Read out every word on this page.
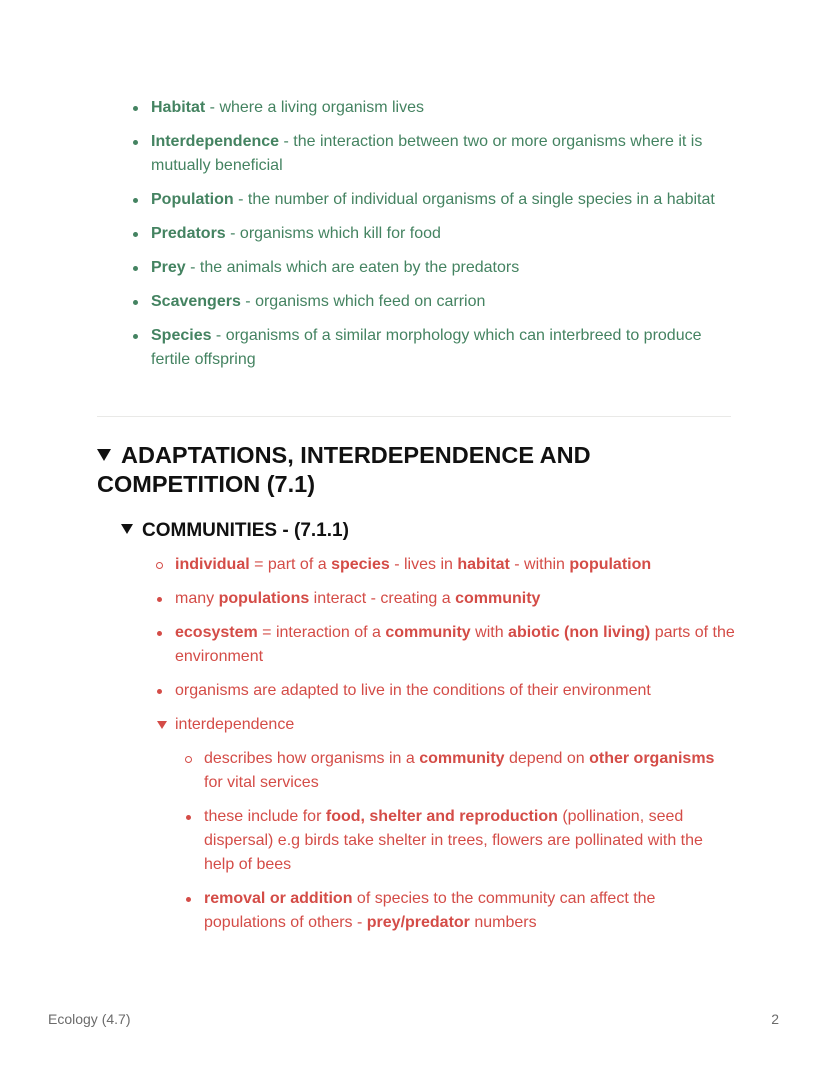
Habitat - where a living organism lives
Interdependence - the interaction between two or more organisms where it is mutually beneficial
Population - the number of individual organisms of a single species in a habitat
Predators - organisms which kill for food
Prey - the animals which are eaten by the predators
Scavengers - organisms which feed on carrion
Species - organisms of a similar morphology which can interbreed to produce fertile offspring
ADAPTATIONS, INTERDEPENDENCE AND COMPETITION (7.1)
COMMUNITIES - (7.1.1)
individual = part of a species - lives in habitat - within population
many populations interact - creating a community
ecosystem = interaction of a community with abiotic (non living) parts of the environment
organisms are adapted to live in the conditions of their environment
interdependence
describes how organisms in a community depend on other organisms for vital services
these include for food, shelter and reproduction (pollination, seed dispersal) e.g birds take shelter in trees, flowers are pollinated with the help of bees
removal or addition of species to the community can affect the populations of others - prey/predator numbers
Ecology (4.7)	2
